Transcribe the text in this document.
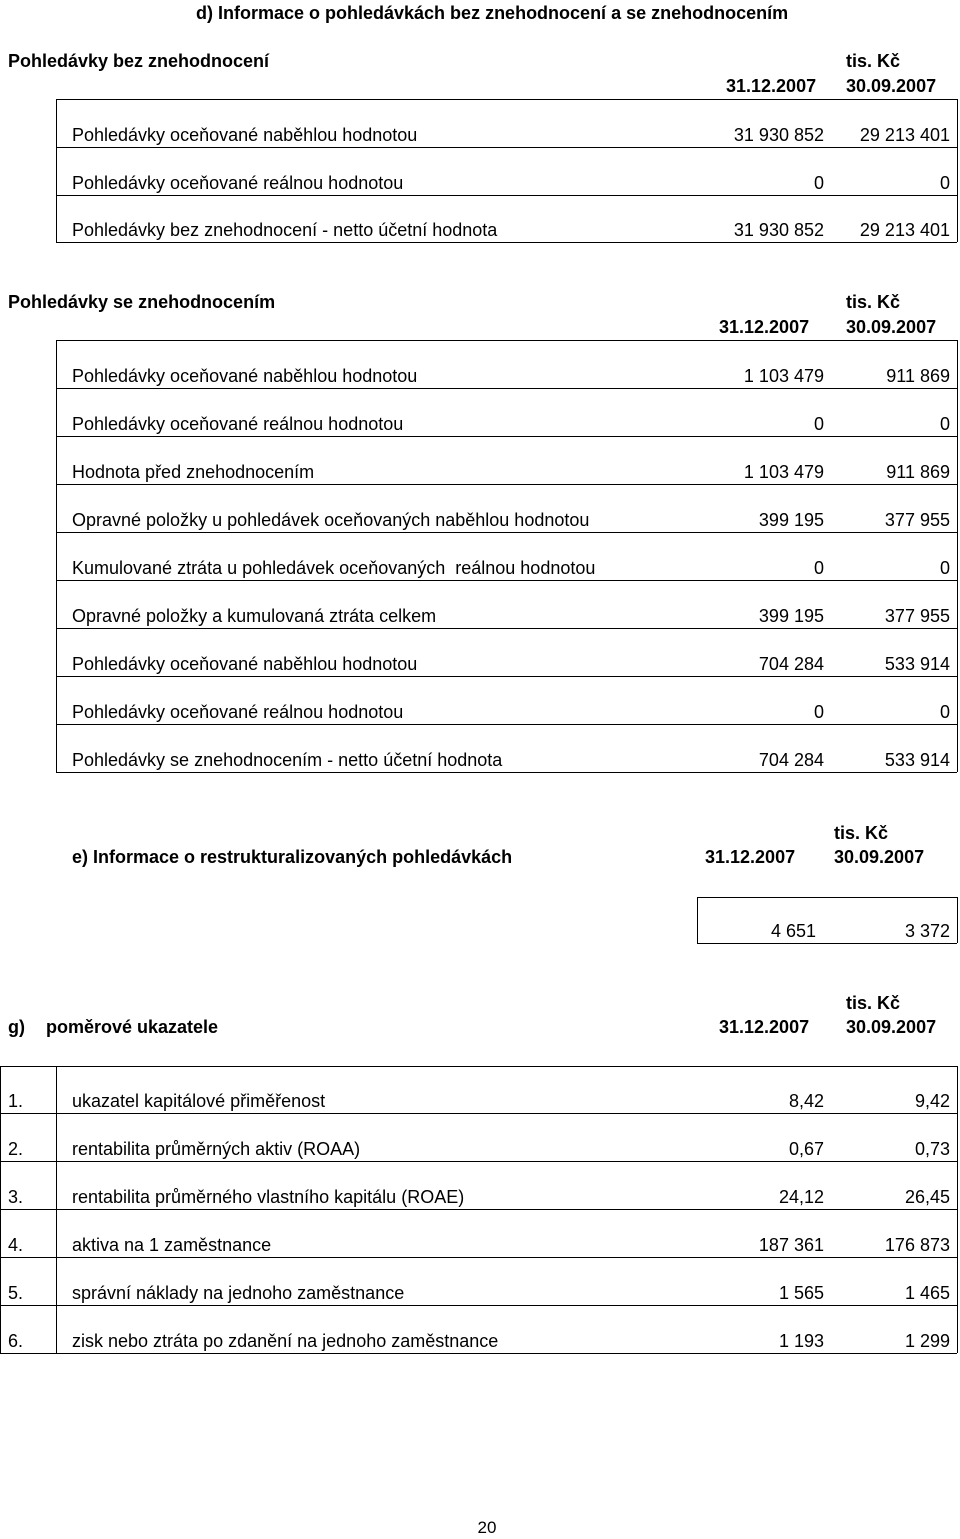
d) Informace o pohledávkách bez znehodnocení a se znehodnocením
Pohledávky bez znehodnocení	tis. Kč
31.12.2007 30.09.2007
Pohledávky oceňované naběhlou hodnotou	31 930 852	29 213 401
Pohledávky oceňované reálnou hodnotou	0	0
Pohledávky bez znehodnocení - netto účetní hodnota	31 930 852	29 213 401
Pohledávky se znehodnocením	tis. Kč
31.12.2007 30.09.2007
Pohledávky oceňované naběhlou hodnotou	1 103 479	911 869
Pohledávky oceňované reálnou hodnotou	0	0
Hodnota před znehodnocením	1 103 479	911 869
Opravné položky u pohledávek oceňovaných naběhlou hodnotou	399 195	377 955
Kumulované ztráta u pohledávek oceňovaných  reálnou hodnotou	0	0
Opravné položky a kumulovaná ztráta celkem	399 195	377 955
Pohledávky oceňované naběhlou hodnotou	704 284	533 914
Pohledávky oceňované reálnou hodnotou	0	0
Pohledávky se znehodnocením - netto účetní hodnota	704 284	533 914
tis. Kč
e) Informace o restrukturalizovaných pohledávkách	31.12.2007 30.09.2007
4 651	3 372
tis. Kč
g) poměrové ukazatele	31.12.2007 30.09.2007
1.	ukazatel kapitálové přiměřenost	8,42	9,42
2.	rentabilita průměrných aktiv (ROAA)	0,67	0,73
3.	rentabilita průměrného vlastního kapitálu (ROAE)	24,12	26,45
4.	aktiva na 1 zaměstnance	187 361	176 873
5.	správní náklady na jednoho zaměstnance	1 565	1 465
6.	zisk nebo ztráta po zdanění na jednoho zaměstnance	1 193	1 299
20
